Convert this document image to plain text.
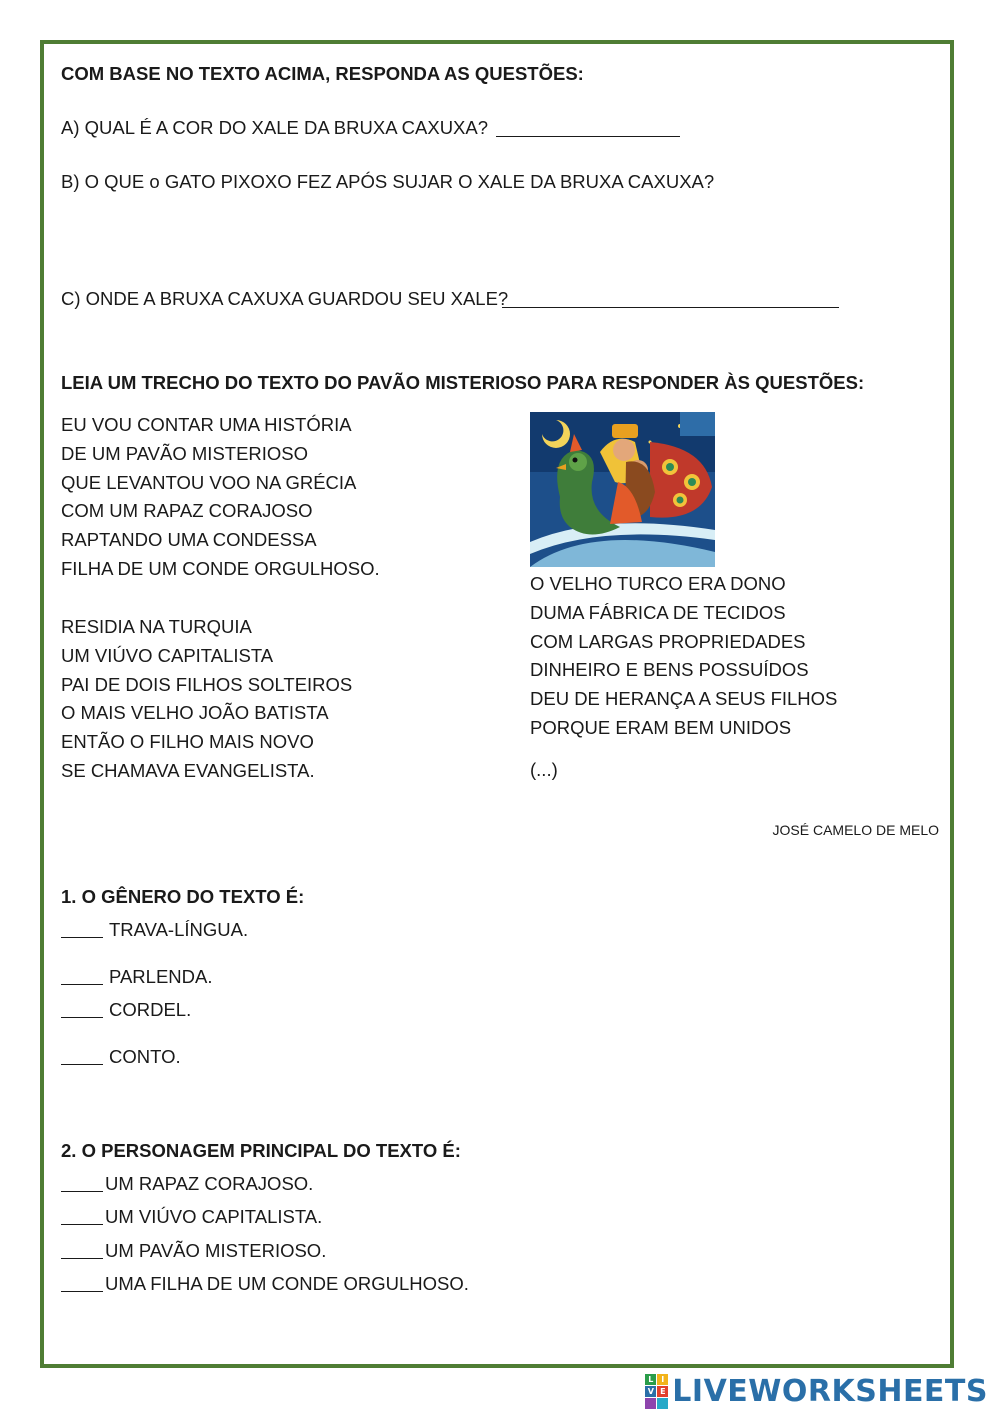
COM BASE NO TEXTO ACIMA, RESPONDA AS QUESTÕES:
A) QUAL É A COR DO XALE DA BRUXA CAXUXA?
B) O QUE o GATO PIXOXO FEZ APÓS SUJAR O XALE DA BRUXA CAXUXA?
C) ONDE A BRUXA CAXUXA GUARDOU SEU XALE?
LEIA UM TRECHO DO TEXTO DO PAVÃO MISTERIOSO PARA RESPONDER ÀS QUESTÕES:
EU VOU CONTAR UMA HISTÓRIA
DE UM PAVÃO MISTERIOSO
QUE LEVANTOU VOO NA GRÉCIA
COM UM RAPAZ CORAJOSO
RAPTANDO UMA CONDESSA
FILHA DE UM CONDE ORGULHOSO.
RESIDIA NA TURQUIA
UM VIÚVO CAPITALISTA
PAI DE DOIS FILHOS SOLTEIROS
O MAIS VELHO JOÃO BATISTA
ENTÃO O FILHO MAIS NOVO
SE CHAMAVA EVANGELISTA.
O VELHO TURCO ERA DONO
DUMA FÁBRICA DE TECIDOS
COM LARGAS PROPRIEDADES
DINHEIRO E BENS POSSUÍDOS
DEU DE HERANÇA A SEUS FILHOS
PORQUE ERAM BEM UNIDOS
(...)
JOSÉ CAMELO DE MELO
1. O GÊNERO DO TEXTO É:
TRAVA-LÍNGUA.
PARLENDA.
CORDEL.
CONTO.
2. O PERSONAGEM PRINCIPAL DO TEXTO É:
UM RAPAZ CORAJOSO.
UM VIÚVO CAPITALISTA.
UM PAVÃO MISTERIOSO.
UMA FILHA DE UM CONDE ORGULHOSO.
L I
V E LIVEWORKSHEETS
